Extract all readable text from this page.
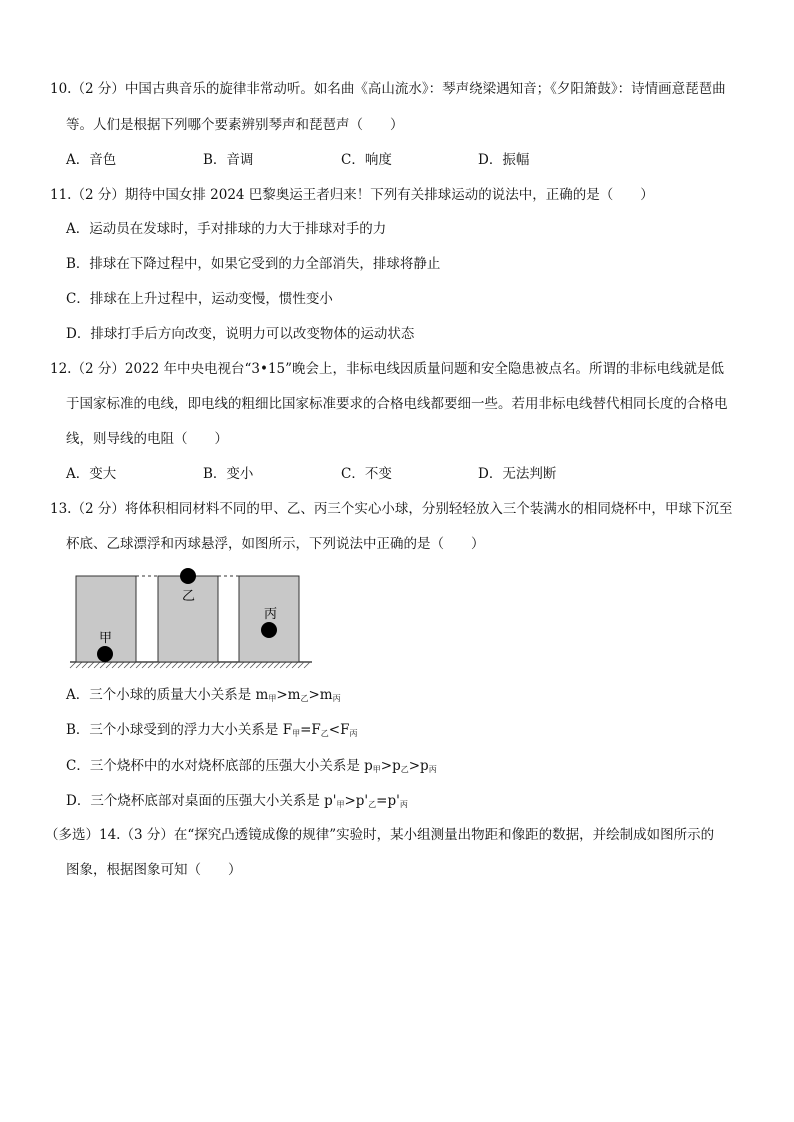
10.（2 分）中国古典音乐的旋律非常动听。如名曲《高山流水》：琴声绕梁遇知音；《夕阳箫鼓》：诗情画意琵琶曲
等。人们是根据下列哪个要素辨别琴声和琵琶声（　　）
A．音色	B．音调	C．响度	D．振幅
11.（2 分）期待中国女排 2024 巴黎奥运王者归来！下列有关排球运动的说法中，正确的是（　　）
A．运动员在发球时，手对排球的力大于排球对手的力
B．排球在下降过程中，如果它受到的力全部消失，排球将静止
C．排球在上升过程中，运动变慢，惯性变小
D．排球打手后方向改变，说明力可以改变物体的运动状态
12.（2 分）2022 年中央电视台“3•15”晚会上，非标电线因质量问题和安全隐患被点名。所谓的非标电线就是低
于国家标准的电线，即电线的粗细比国家标准要求的合格电线都要细一些。若用非标电线替代相同长度的合格电
线，则导线的电阻（　　）
A．变大	B．变小	C．不变	D．无法判断
13.（2 分）将体积相同材料不同的甲、乙、丙三个实心小球，分别轻轻放入三个装满水的相同烧杯中，甲球下沉至
杯底、乙球漂浮和丙球悬浮，如图所示，下列说法中正确的是（　　）
甲
乙
丙
A．三个小球的质量大小关系是 $m_甲>m_乙>m_丙$
B．三个小球受到的浮力大小关系是 $F_甲=F_乙<F_丙$
C．三个烧杯中的水对烧杯底部的压强大小关系是 $p_甲>p_乙>p_丙$
D．三个烧杯底部对桌面的压强大小关系是 $p'_甲>p'_乙=p'_丙$
（多选）14.（3 分）在“探究凸透镜成像的规律”实验时，某小组测量出物距和像距的数据，并绘制成如图所示的
图象，根据图象可知（　　）
